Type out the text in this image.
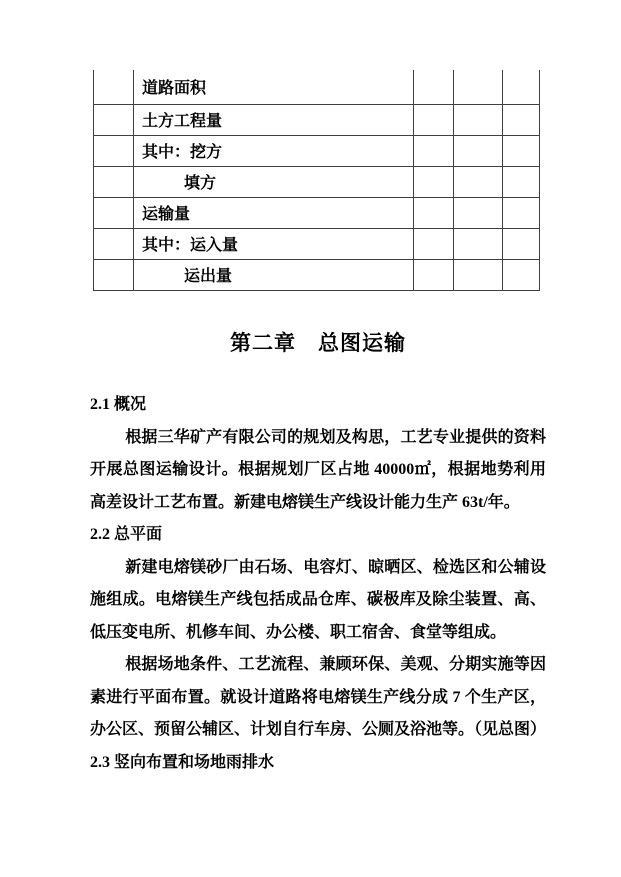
	道路面积			
	土方工程量			
	其中：挖方			
	填方			
	运输量			
	其中：运入量			
	运出量			
第二章　总图运输
2.1 概况
根据三华矿产有限公司的规划及构思，工艺专业提供的资料开展总图运输设计。根据规划厂区占地 40000㎡，根据地势利用高差设计工艺布置。新建电熔镁生产线设计能力生产 63t/年。
2.2 总平面
新建电熔镁砂厂由石场、电容灯、晾晒区、检选区和公辅设施组成。电熔镁生产线包括成品仓库、碳极库及除尘装置、高、低压变电所、机修车间、办公楼、职工宿舍、食堂等组成。
根据场地条件、工艺流程、兼顾环保、美观、分期实施等因素进行平面布置。就设计道路将电熔镁生产线分成 7 个生产区，办公区、预留公辅区、计划自行车房、公厕及浴池等。（见总图）
2.3 竖向布置和场地雨排水
